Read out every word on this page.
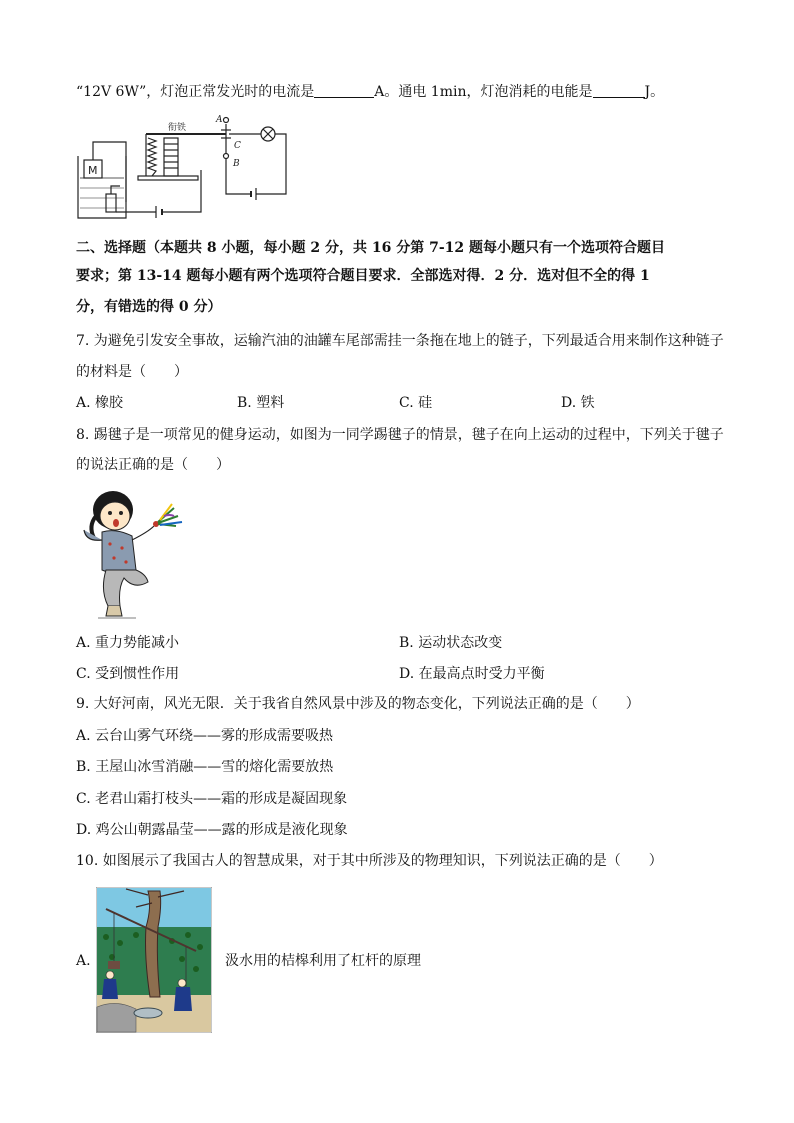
“12V 6W”，灯泡正常发光时的电流是	A。通电 1min，灯泡消耗的电能是	J。
衔铁
M
A
C
B
二、选择题（本题共 8 小题，每小题 2 分，共 16 分第 7-12 题每小题只有一个选项符合题目
要求；第 13-14 题每小题有两个选项符合题目要求．全部选对得．2 分．选对但不全的得 1
分，有错选的得 0 分）
7. 为避免引发安全事故，运输汽油的油罐车尾部需挂一条拖在地上的链子，下列最适合用来制作这种链子
的材料是（　　）
A. 橡胶	B. 塑料	C. 硅	D. 铁
8. 踢毽子是一项常见的健身运动，如图为一同学踢毽子的情景，毽子在向上运动的过程中，下列关于毽子
的说法正确的是（　　）
A. 重力势能减小	B. 运动状态改变
C. 受到惯性作用	D. 在最高点时受力平衡
9. 大好河南，风光无限．关于我省自然风景中涉及的物态变化，下列说法正确的是（　　）
A. 云台山雾气环绕——雾的形成需要吸热
B. 王屋山冰雪消融——雪的熔化需要放热
C. 老君山霜打枝头——霜的形成是凝固现象
D. 鸡公山朝露晶莹——露的形成是液化现象
10. 如图展示了我国古人的智慧成果，对于其中所涉及的物理知识，下列说法正确的是（　　）
A.	汲水用的桔槔利用了杠杆的原理
